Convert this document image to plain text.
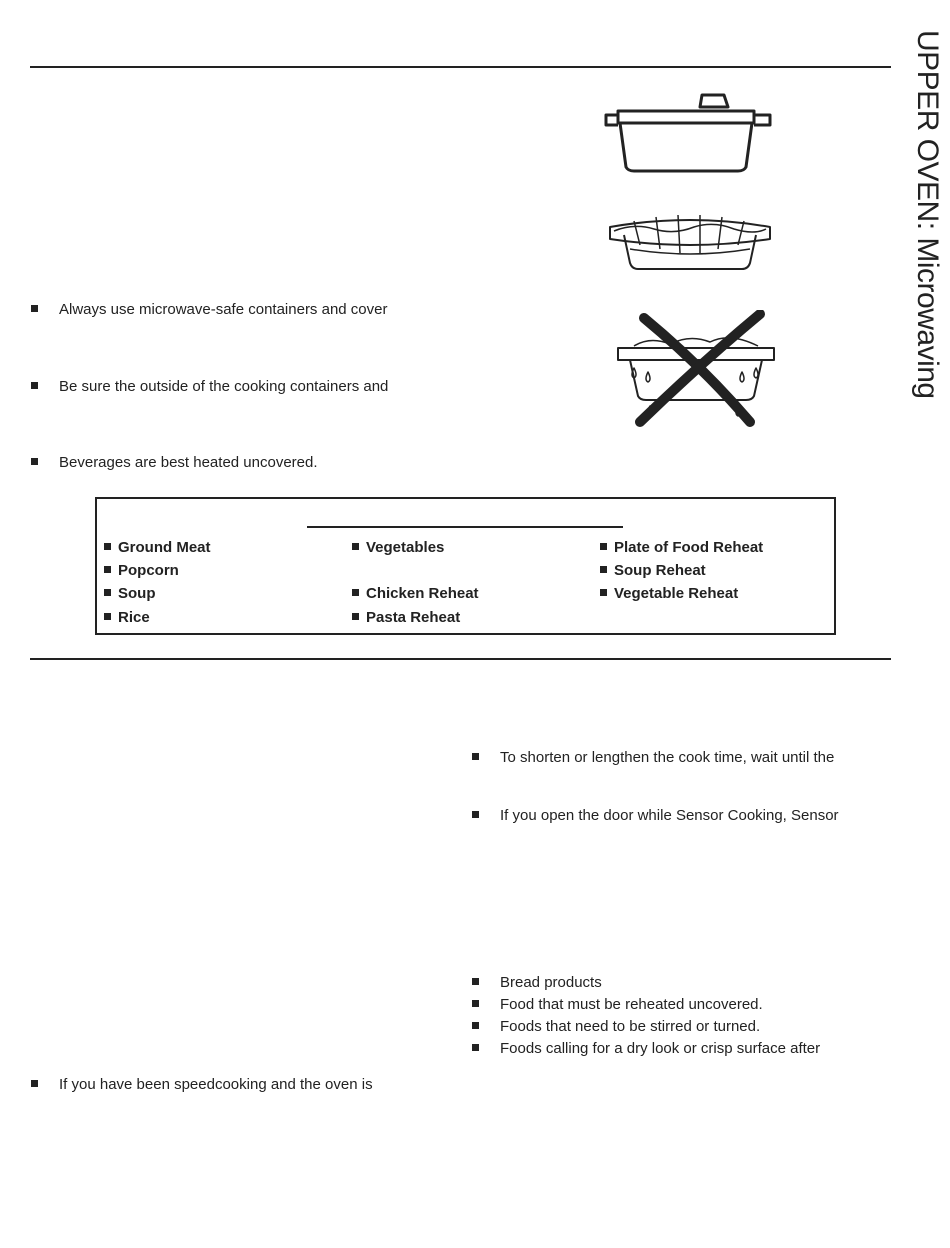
UPPER OVEN: Microwaving
Always use microwave-safe containers and cover
Be sure the outside of the cooking containers and
Beverages are best heated uncovered.
Ground Meat
Popcorn
Soup
Rice
Vegetables
Chicken Reheat
Pasta Reheat
Plate of Food Reheat
Soup Reheat
Vegetable Reheat
To shorten or lengthen the cook time, wait until the
If you open the door while Sensor Cooking, Sensor
Bread products
Food that must be reheated uncovered.
Foods that need to be stirred or turned.
Foods calling for a dry look or crisp surface after
If you have been speedcooking and the oven is
